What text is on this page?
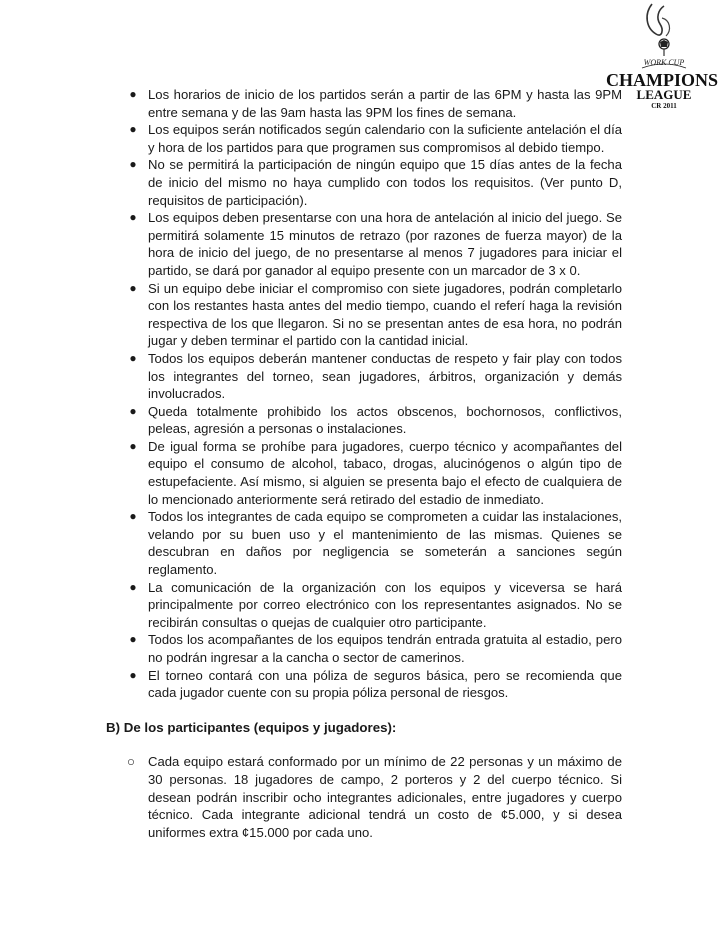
WORK CUP
CHAMPIONS
LEAGUE
CR 2011
● Los horarios de inicio de los partidos serán a partir de las 6PM y hasta las 9PM entre semana y de las 9am hasta las 9PM los fines de semana.
● Los equipos serán notificados según calendario con la suficiente antelación el día y hora de los partidos para que programen sus compromisos al debido tiempo.
● No se permitirá la participación de ningún equipo que 15 días antes de la fecha de inicio del mismo no haya cumplido con todos los requisitos. (Ver punto D, requisitos de participación).
● Los equipos deben presentarse con una hora de antelación al inicio del juego. Se permitirá solamente 15 minutos de retrazo (por razones de fuerza mayor) de la hora de inicio del juego, de no presentarse al menos 7 jugadores para iniciar el partido, se dará por ganador al equipo presente con un marcador de 3 x 0.
● Si un equipo debe iniciar el compromiso con siete jugadores, podrán completarlo con los restantes hasta antes del medio tiempo, cuando el referí haga la revisión respectiva de los que llegaron. Si no se presentan antes de esa hora, no podrán jugar y deben terminar el partido con la cantidad inicial.
● Todos los equipos deberán mantener conductas de respeto y fair play con todos los integrantes del torneo, sean jugadores, árbitros, organización y demás involucrados.
● Queda totalmente prohibido los actos obscenos, bochornosos, conflictivos, peleas, agresión a personas o instalaciones.
● De igual forma se prohíbe para jugadores, cuerpo técnico y acompañantes del equipo el consumo de alcohol, tabaco, drogas, alucinógenos o algún tipo de estupefaciente. Así mismo, si alguien se presenta bajo el efecto de cualquiera de lo mencionado anteriormente será retirado del estadio de inmediato.
● Todos los integrantes de cada equipo se comprometen a cuidar las instalaciones, velando por su buen uso y el mantenimiento de las mismas. Quienes se descubran en daños por negligencia se someterán a sanciones según reglamento.
● La comunicación de la organización con los equipos y viceversa se hará principalmente por correo electrónico con los representantes asignados. No se recibirán consultas o quejas de cualquier otro participante.
● Todos los acompañantes de los equipos tendrán entrada gratuita al estadio, pero no podrán ingresar a la cancha o sector de camerinos.
● El torneo contará con una póliza de seguros básica, pero se recomienda que cada jugador cuente con su propia póliza personal de riesgos.
B) De los participantes (equipos y jugadores):
○ Cada equipo estará conformado por un mínimo de 22 personas y un máximo de 30 personas. 18 jugadores de campo, 2 porteros y 2 del cuerpo técnico. Si desean podrán inscribir ocho integrantes adicionales, entre jugadores y cuerpo técnico. Cada integrante adicional tendrá un costo de ¢5.000, y si desea uniformes extra ¢15.000 por cada uno.
